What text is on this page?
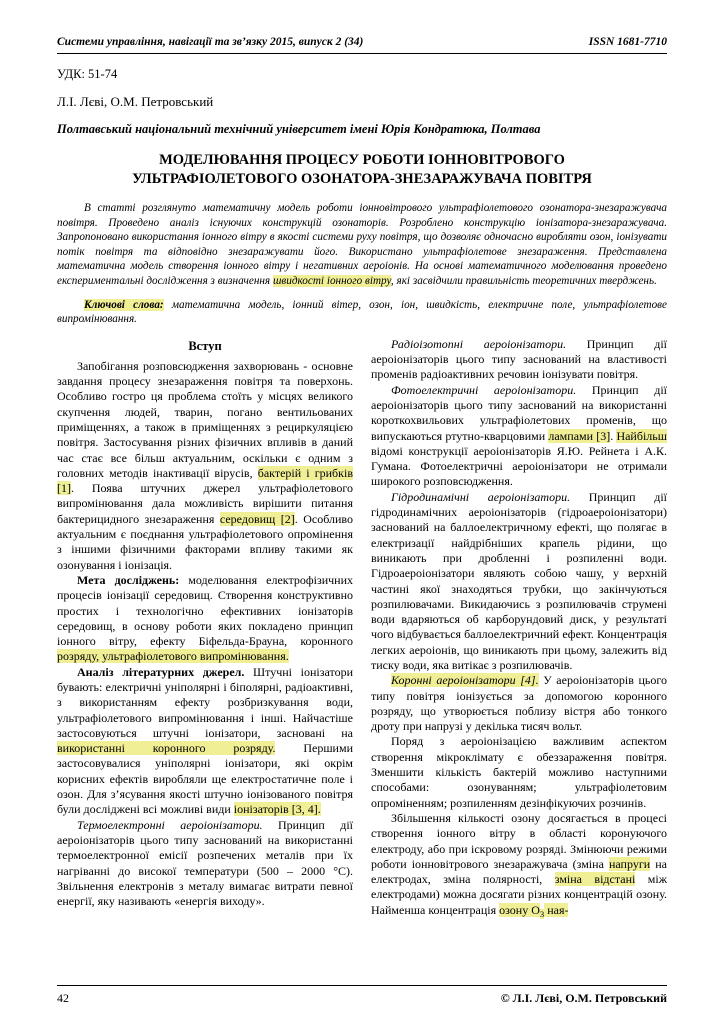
Системи управління, навігації та зв’язку 2015, випуск 2 (34)	ISSN 1681-7710
УДК: 51-74
Л.І. Лєві, О.М. Петровський
Полтавський національний технічний університет імені Юрія Кондратюка, Полтава
МОДЕЛЮВАННЯ ПРОЦЕСУ РОБОТИ ІОННОВІТРОВОГО
УЛЬТРАФІОЛЕТОВОГО ОЗОНАТОРА-ЗНЕЗАРАЖУВАЧА ПОВІТРЯ

В статті розглянуто математичну модель роботи іонновітрового ультрафіолетового озонатора-знезаражувача повітря. Проведено аналіз існуючих конструкцій озонаторів. Розроблено конструкцію іонізатора-знезаражувача. Запропоновано використання іонного вітру в якості системи руху повітря, що дозволяє одночасно виробляти озон, іонізувати потік повітря та відповідно знезаражувати його. Використано ультрафіолетове знезараження. Представлена математична модель створення іонного вітру і негативних аероіонів. На основі математичного моделювання проведено експериментальні дослідження з визначення швидкості іонного вітру, які засвідчили правильність теоретичних тверджень.

Ключові слова: математична модель, іонний вітер, озон, іон, швидкість, електричне поле, ультрафіолетове випромінювання.

Вступ

Запобігання розповсюдження захворювань - основне завдання процесу знезараження повітря та поверхонь. Особливо гостро ця проблема стоїть у місцях великого скупчення людей, тварин, погано вентильованих приміщеннях, а також в приміщеннях з рециркуляцією повітря. Застосування різних фізичних впливів в даний час стає все більш актуальним, оскільки є одним з головних методів інактивації вірусів, бактерій і грибків [1]. Поява штучних джерел ультрафіолетового випромінювання дала можливість вирішити питання бактерицидного знезараження середовищ [2]. Особливо актуальним є поєднання ультрафіолетового опромінення з іншими фізичними факторами впливу такими як озонування і іонізація.

Мета досліджень: моделювання електрофізичних процесів іонізації середовищ. Створення конструктивно простих і технологічно ефективних іонізаторів середовищ, в основу роботи яких покладено принцип іонного вітру, ефекту Біфельда-Брауна, коронного розряду, ультрафіолетового випромінювання.

Аналіз літературних джерел. Штучні іонізатори бувають: електричні уніполярні і біполярні, радіоактивні, з використанням ефекту розбризкування води, ультрафіолетового випромінювання і інші. Найчастіше застосовуються штучні іонізатори, засновані на використанні коронного розряду. Першими застосовувалися уніполярні іонізатори, які окрім корисних ефектів виробляли ще електростатичне поле і озон. Для з’ясування якості штучно іонізованого повітря були досліджені всі можливі види іонізаторів [3, 4].

Термоелектронні аероіонізатори. Принцип дії аероіонізаторів цього типу заснований на використанні термоелектронної емісії розпечених металів при їх нагріванні до високої температури (500 – 2000 °С). Звільнення електронів з металу вимагає витрати певної енергії, яку називають «енергія виходу».

Радіоізотопні аероіонізатори. Принцип дії аероіонізаторів цього типу заснований на властивості променів радіоактивних речовин іонізувати повітря.

Фотоелектричні аероіонізатори. Принцип дії аероіонізаторів цього типу заснований на використанні короткохвильових ультрафіолетових променів, що випускаються ртутно-кварцовими лампами [3]. Найбільш відомі конструкції аероіонізаторів Я.Ю. Рейнета і А.К. Гумана. Фотоелектричні аероіонізатори не отримали широкого розповсюдження.

Гідродинамічні аероіонізатори. Принцип дії гідродинамічних аероіонізаторів (гідроаероіонізатори) заснований на баллоелектричному ефекті, що полягає в електризації найдрібніших крапель рідини, що виникають при дробленні і розпиленні води. Гідроаероіонізатори являють собою чашу, у верхній частині якої знаходяться трубки, що закінчуються розпилювачами. Викидаючись з розпилювачів струмені води вдаряються об карборундовий диск, у результаті чого відбувається баллоелектричний ефект. Концентрація легких аероіонів, що виникають при цьому, залежить від тиску води, яка витікає з розпилювачів.

Коронні аероіонізатори [4]. У аероіонізаторів цього типу повітря іонізується за допомогою коронного розряду, що утворюється поблизу вістря або тонкого дроту при напрузі у декілька тисяч вольт.

Поряд з аероіонізацією важливим аспектом створення мікроклімату є обеззараження повітря. Зменшити кількість бактерій можливо наступними способами: озонуванням; ультрафіолетовим опроміненням; розпиленням дезінфікуючих розчинів.

Збільшення кількості озону досягається в процесі створення іонного вітру в області коронуючого електроду, або при іскровому розряді. Змінюючи режими роботи іонновітрового знезаражувача (зміна напруги на електродах, зміна полярності, зміна відстані між електродами) можна досягати різних концентрацій озону. Найменша концентрація озону $О_3$ ная-

42	© Л.І. Лєві, О.М. Петровський
